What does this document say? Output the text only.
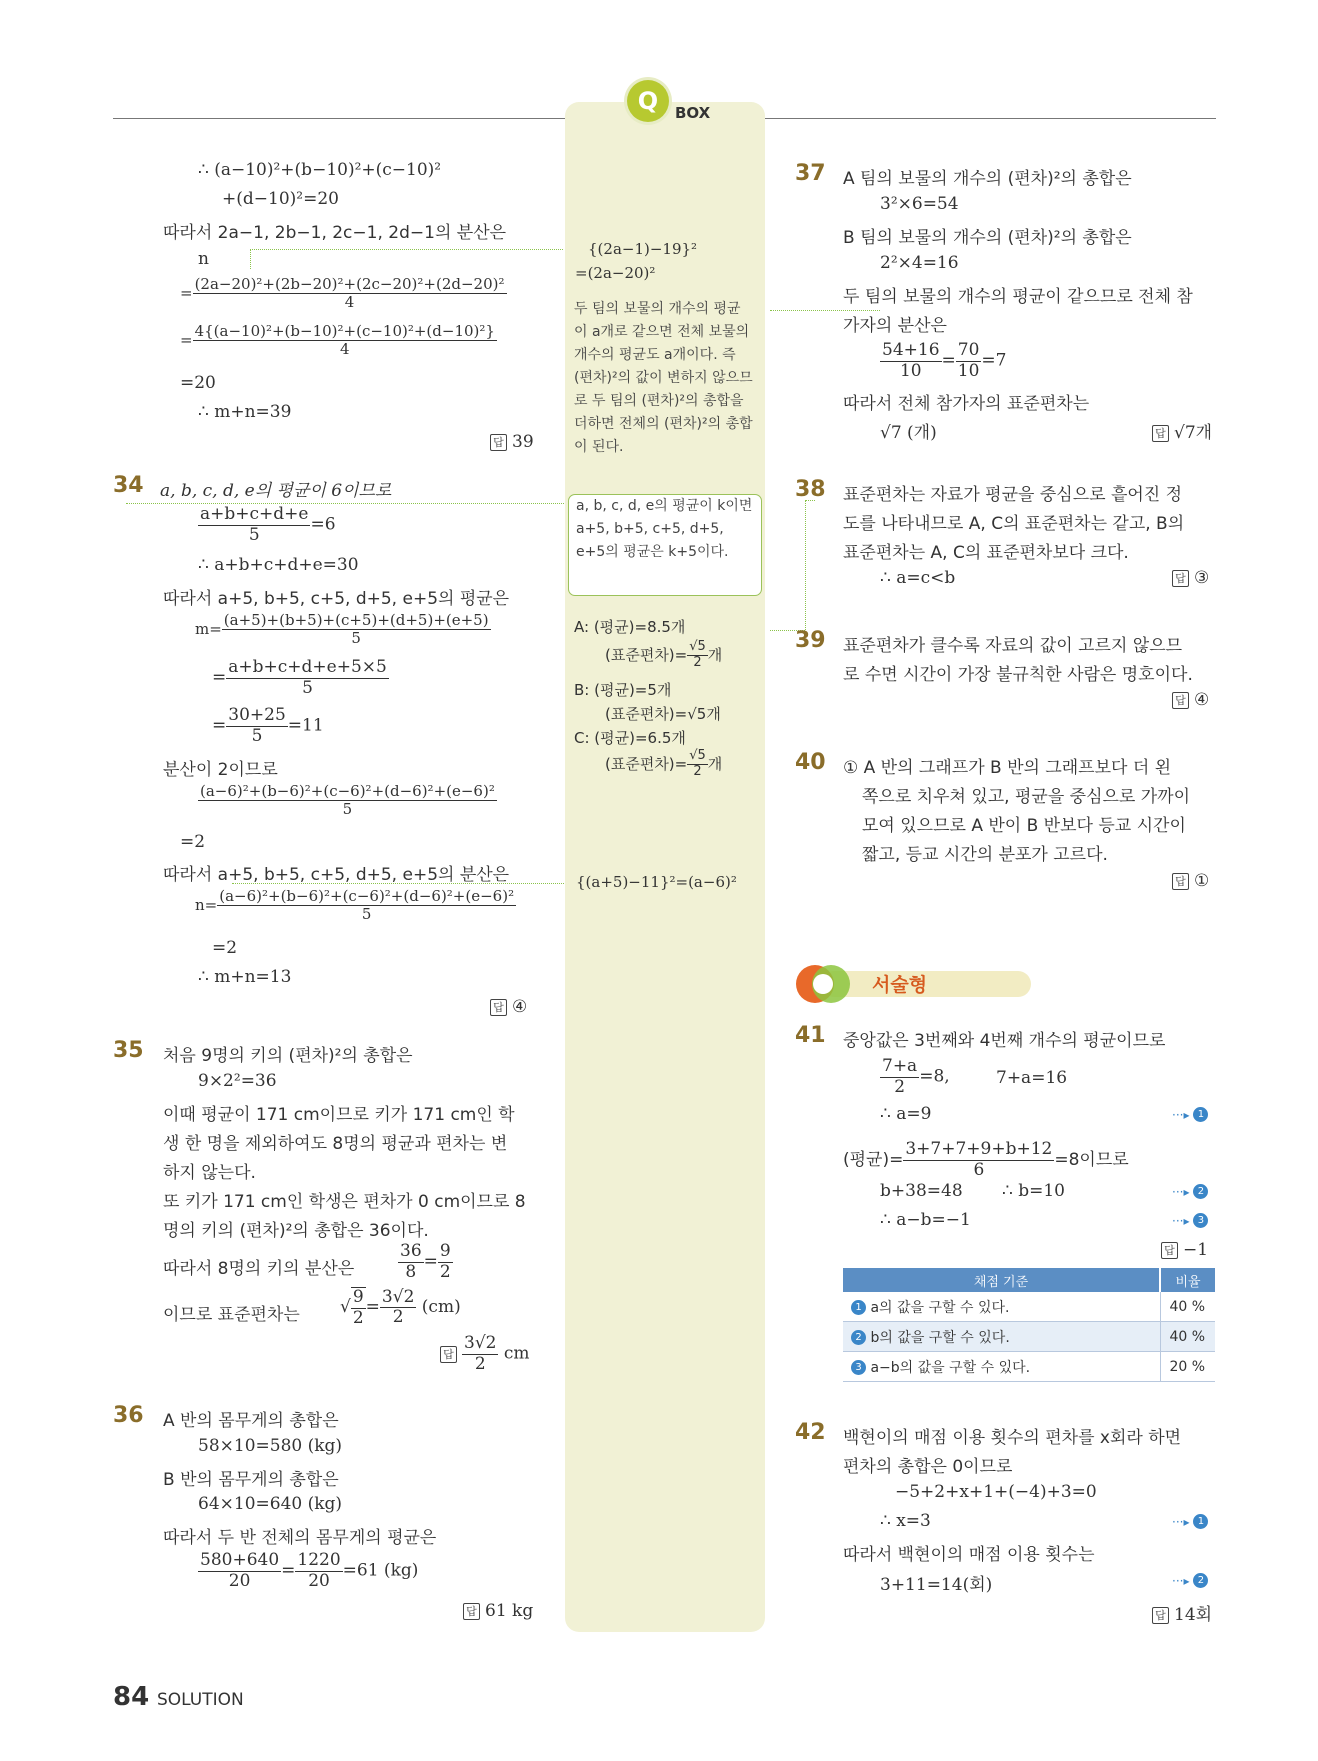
Q	BOX
∴ (a−10)²+(b−10)²+(c−10)²
+(d−10)²=20
따라서 2a−1, 2b−1, 2c−1, 2d−1의 분산은
n
= $\frac{\text{(2a−20)²+(2b−20)²+(2c−20)²+(2d−20)²}}{4}$
= $\frac{\text{4\{(a−10)²+(b−10)²+(c−10)²+(d−10)²\}}}{4}$
=20
∴ m+n=39
답 39
34 a, b, c, d, e의 평균이 6이므로
$\frac{a+b+c+d+e}{5} =6$
∴ a+b+c+d+e=30
따라서 a+5, b+5, c+5, d+5, e+5의 평균은
$m= \frac{(a+5)+(b+5)+(c+5)+(d+5)+(e+5)}{5}$
= $\frac{a+b+c+d+e+5\times 5}{5}$
= $\frac{30+25}{5} =11$
분산이 2이므로
$\frac{\text{(a−6)²+(b−6)²+(c−6)²+(d−6)²+(e−6)²}}{5}$
=2
따라서 a+5, b+5, c+5, d+5, e+5의 분산은
$n= \frac{\text{(a−6)²+(b−6)²+(c−6)²+(d−6)²+(e−6)²}}{5}$
=2
∴ m+n=13
답 ④
35 처음 9명의 키의 (편차)²의 총합은
9×2²=36
이때 평균이 171 cm이므로 키가 171 cm인 학
생 한 명을 제외하여도 8명의 평균과 편차는 변
하지 않는다.
또 키가 171 cm인 학생은 편차가 0 cm이므로 8
명의 키의 (편차)²의 총합은 36이다.
따라서 8명의 키의 분산은	$\frac{36}{8} = \frac{9}{2}$
이므로 표준편차는 √ $\frac{9}{2} = \frac{3√2}{2} (cm)$
답 $\frac{3√2}{2}$ cm
36 A 반의 몸무게의 총합은
58×10=580 (kg)
B 반의 몸무게의 총합은
64×10=640 (kg)
따라서 두 반 전체의 몸무게의 평균은
$\frac{580+640}{20} = \frac{1220}{20} =61$ (kg)
답 61 kg
{(2a−1)−19}²
=(2a−20)²
두 팀의 보물의 개수의 평균이 a개로 같으면 전체 보물의 개수의 평균도 a개이다. 즉 (편차)²의 값이 변하지 않으므로 두 팀의 (편차)²의 총합을 더하면 전체의 (편차)²의 총합이 된다.
a, b, c, d, e의 평균이 k이면 a+5, b+5, c+5, d+5, e+5의 평균은 k+5이다.
A: (평균)=8.5개
(표준편차)= $\frac{√5}{2}$ 개
B: (평균)=5개
(표준편차)=√5개
C: (평균)=6.5개
(표준편차)= $\frac{√5}{2}$ 개
{(a+5)−11}²=(a−6)²
37 A 팀의 보물의 개수의 (편차)²의 총합은
3²×6=54
B 팀의 보물의 개수의 (편차)²의 총합은
2²×4=16
두 팀의 보물의 개수의 평균이 같으므로 전체 참
가자의 분산은
$\frac{54+16}{10} = \frac{70}{10} =7$
따라서 전체 참가자의 표준편차는
√7 (개)	답 √7개
38 표준편차는 자료가 평균을 중심으로 흩어진 정
도를 나타내므로 A, C의 표준편차는 같고, B의
표준편차는 A, C의 표준편차보다 크다.
∴ a=c<b	답 ③
39 표준편차가 클수록 자료의 값이 고르지 않으므
로 수면 시간이 가장 불규칙한 사람은 명호이다.
답 ④
40 ① A 반의 그래프가 B 반의 그래프보다 더 왼
쪽으로 치우쳐 있고, 평균을 중심으로 가까이
모여 있으므로 A 반이 B 반보다 등교 시간이
짧고, 등교 시간의 분포가 고르다.
답 ①
서술형
41 중앙값은 3번째와 4번째 개수의 평균이므로
$\frac{7+a}{2} =8$,	7+a=16
∴ a=9	···▸ 1
(평균)= $\frac{3+7+7+9+b+12}{6} =8$이므로
b+38=48 ∴ b=10	···▸ 2
∴ a−b=−1	···▸ 3
답 −1
채점 기준	비율
1 a의 값을 구할 수 있다.	40 %
2 b의 값을 구할 수 있다.	40 %
3 a−b의 값을 구할 수 있다.	20 %
42 백현이의 매점 이용 횟수의 편차를 x회라 하면
편차의 총합은 0이므로
−5+2+x+1+(−4)+3=0
∴ x=3	···▸ 1
따라서 백현이의 매점 이용 횟수는
3+11=14(회)	···▸ 2
답 14회
84 SOLUTION
